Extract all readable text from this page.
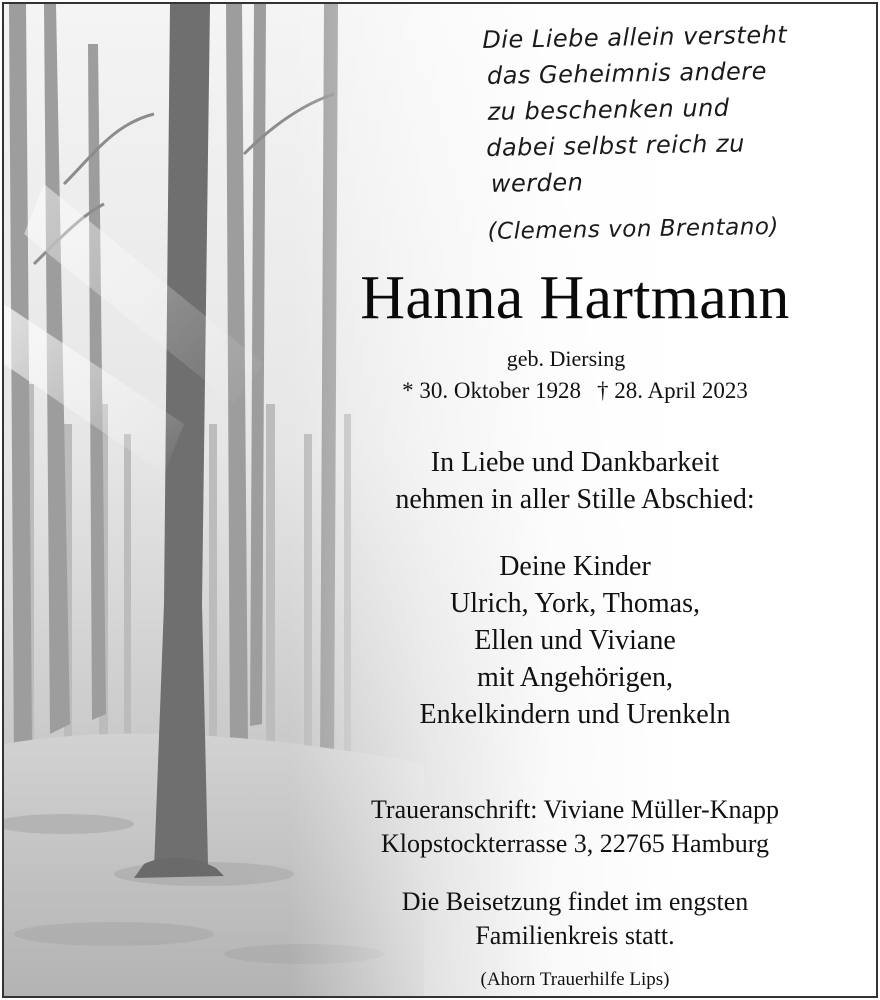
Die Liebe allein versteht
das Geheimnis andere
zu beschenken und
dabei selbst reich zu
werden
(Clemens von Brentano)
Hanna Hartmann
geb. Diersing
* 30. Oktober 1928 † 28. April 2023
In Liebe und Dankbarkeit
nehmen in aller Stille Abschied:
Deine Kinder
Ulrich, York, Thomas,
Ellen und Viviane
mit Angehörigen,
Enkelkindern und Urenkeln
Traueranschrift: Viviane Müller-Knapp
Klopstockterrasse 3, 22765 Hamburg
Die Beisetzung findet im engsten
Familienkreis statt.
(Ahorn Trauerhilfe Lips)
